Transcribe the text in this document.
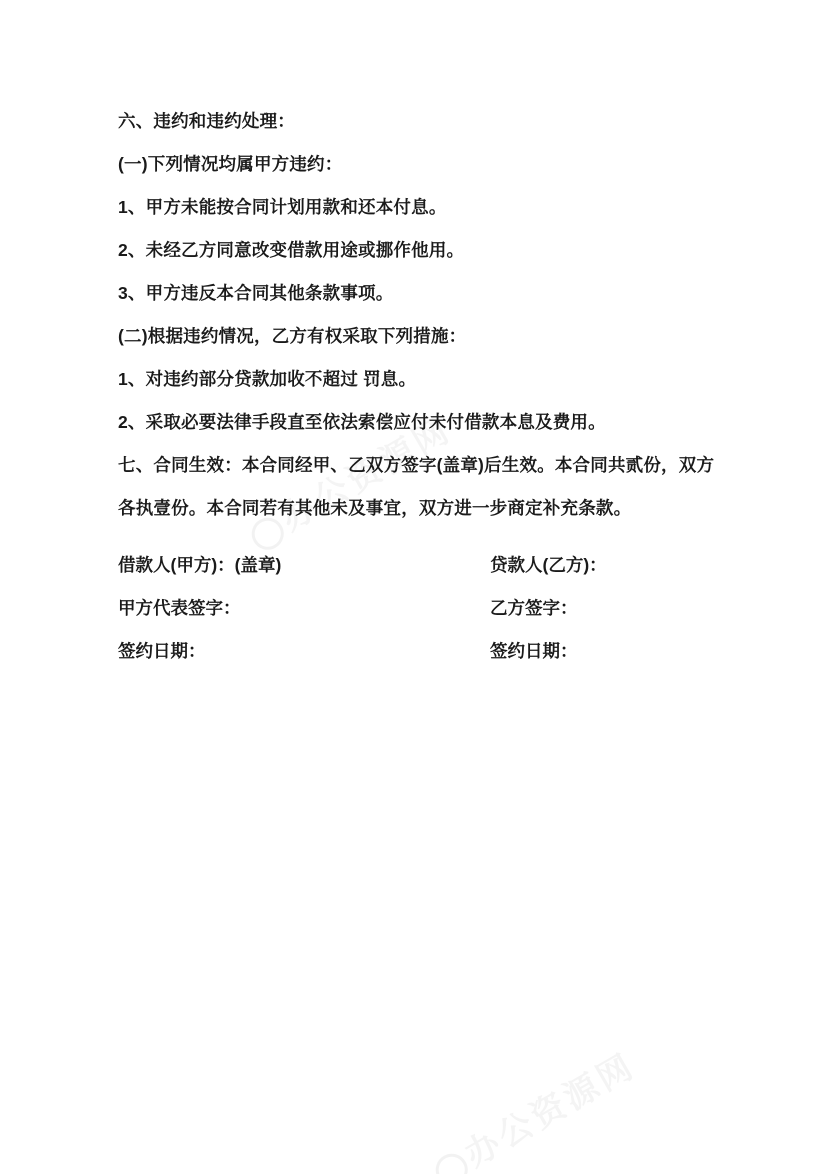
六、违约和违约处理：

(一)下列情况均属甲方违约：

1、甲方未能按合同计划用款和还本付息。

2、未经乙方同意改变借款用途或挪作他用。

3、甲方违反本合同其他条款事项。

(二)根据违约情况，乙方有权采取下列措施：

1、对违约部分贷款加收不超过 罚息。

2、采取必要法律手段直至依法索偿应付未付借款本息及费用。

七、合同生效：本合同经甲、乙双方签字(盖章)后生效。本合同共贰份，双方各执壹份。本合同若有其他未及事宜，双方进一步商定补充条款。

借款人(甲方)：(盖章)	贷款人(乙方)：
甲方代表签字：	乙方签字：
签约日期：	签约日期：
